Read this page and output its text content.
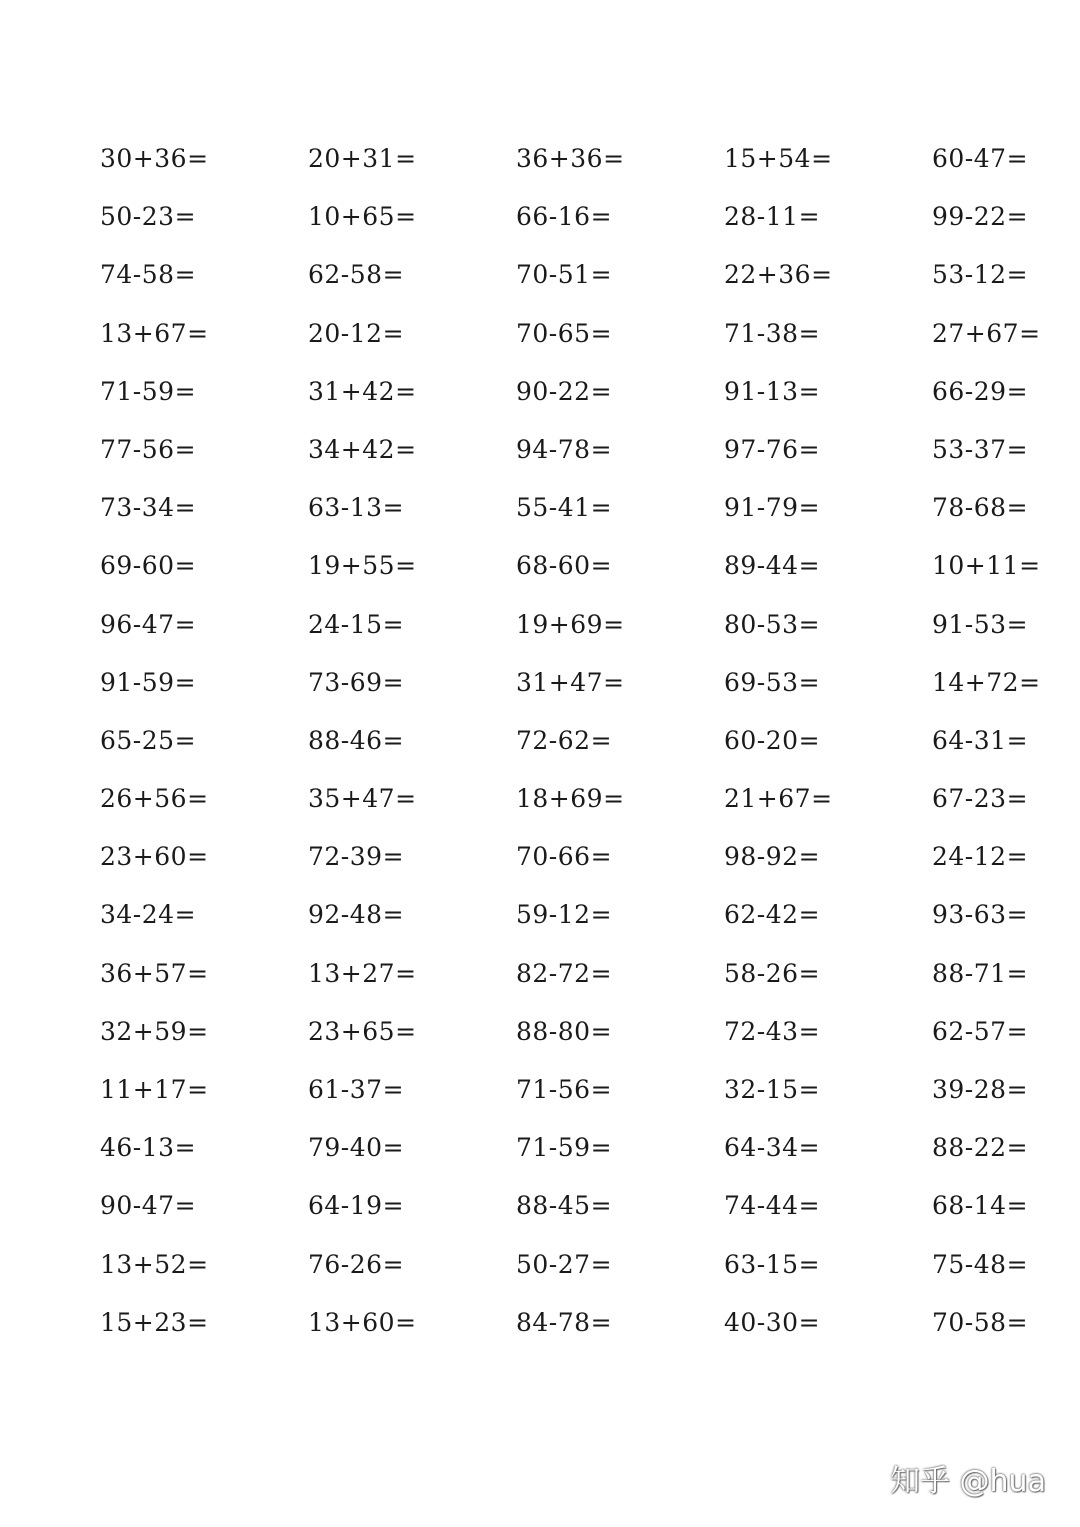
30+36=	20+31=	36+36=	15+54=	60-47=
50-23=	10+65=	66-16=	28-11=	99-22=
74-58=	62-58=	70-51=	22+36=	53-12=
13+67=	20-12=	70-65=	71-38=	27+67=
71-59=	31+42=	90-22=	91-13=	66-29=
77-56=	34+42=	94-78=	97-76=	53-37=
73-34=	63-13=	55-41=	91-79=	78-68=
69-60=	19+55=	68-60=	89-44=	10+11=
96-47=	24-15=	19+69=	80-53=	91-53=
91-59=	73-69=	31+47=	69-53=	14+72=
65-25=	88-46=	72-62=	60-20=	64-31=
26+56=	35+47=	18+69=	21+67=	67-23=
23+60=	72-39=	70-66=	98-92=	24-12=
34-24=	92-48=	59-12=	62-42=	93-63=
36+57=	13+27=	82-72=	58-26=	88-71=
32+59=	23+65=	88-80=	72-43=	62-57=
11+17=	61-37=	71-56=	32-15=	39-28=
46-13=	79-40=	71-59=	64-34=	88-22=
90-47=	64-19=	88-45=	74-44=	68-14=
13+52=	76-26=	50-27=	63-15=	75-48=
15+23=	13+60=	84-78=	40-30=	70-58=
知乎 @hua
